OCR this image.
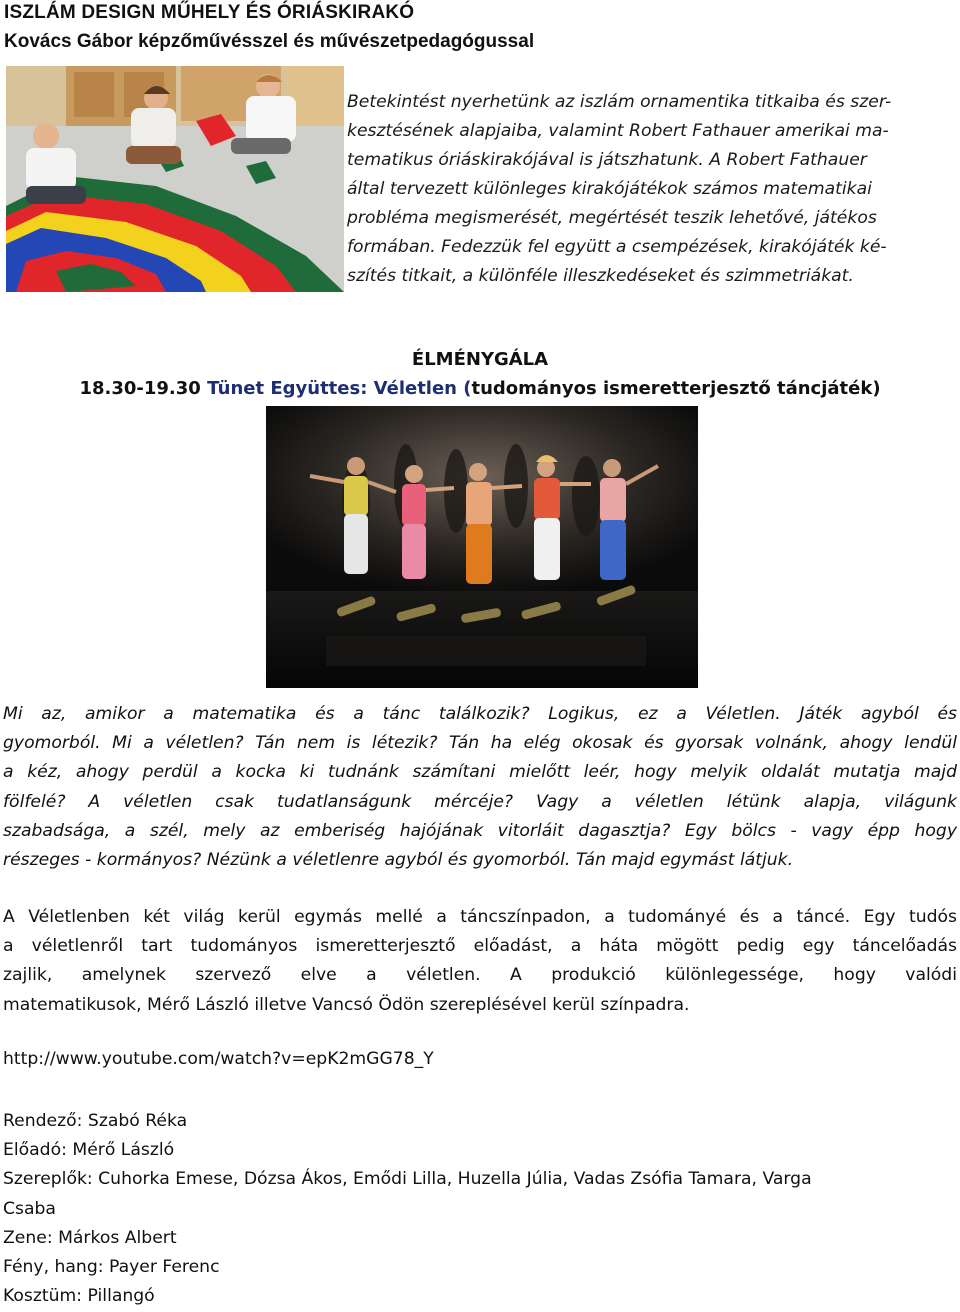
ISZLÁM DESIGN MŰHELY ÉS ÓRIÁSKIRAKÓ
Kovács Gábor képzőművésszel és művészetpedagógussal
Betekintést nyerhetünk az iszlám ornamentika titkaiba és szer-
kesztésének alapjaiba, valamint Robert Fathauer amerikai ma-
tematikus óriáskirakójával is játszhatunk. A Robert Fathauer
által tervezett különleges kirakójátékok számos matematikai
probléma megismerését, megértését teszik lehetővé, játékos
formában. Fedezzük fel együtt a csempézések, kirakójáték ké-
szítés titkait, a különféle illeszkedéseket és szimmetriákat.
ÉLMÉNYGÁLA
18.30-19.30 Tünet Együttes: Véletlen (tudományos ismeretterjesztő táncjáték)
Mi az, amikor a matematika és a tánc találkozik? Logikus, ez a Véletlen. Játék agyból és
gyomorból. Mi a véletlen? Tán nem is létezik? Tán ha elég okosak és gyorsak volnánk, ahogy lendül
a kéz, ahogy perdül a kocka ki tudnánk számítani mielőtt leér, hogy melyik oldalát mutatja majd
fölfelé? A véletlen csak tudatlanságunk mércéje? Vagy a véletlen létünk alapja, világunk
szabadsága, a szél, mely az emberiség hajójának vitorláit dagasztja? Egy bölcs - vagy épp hogy
részeges - kormányos? Nézünk a véletlenre agyból és gyomorból. Tán majd egymást látjuk.
A Véletlenben két világ kerül egymás mellé a táncszínpadon, a tudományé és a táncé. Egy tudós
a véletlenről tart tudományos ismeretterjesztő előadást, a háta mögött pedig egy táncelőadás
zajlik, amelynek szervező elve a véletlen. A produkció különlegessége, hogy valódi
matematikusok, Mérő László illetve Vancsó Ödön szereplésével kerül színpadra.
http://www.youtube.com/watch?v=epK2mGG78_Y
Rendező: Szabó Réka
Előadó: Mérő László
Szereplők: Cuhorka Emese, Dózsa Ákos, Emődi Lilla, Huzella Júlia, Vadas Zsófia Tamara, Varga
Csaba
Zene: Márkos Albert
Fény, hang: Payer Ferenc
Kosztüm: Pillangó
